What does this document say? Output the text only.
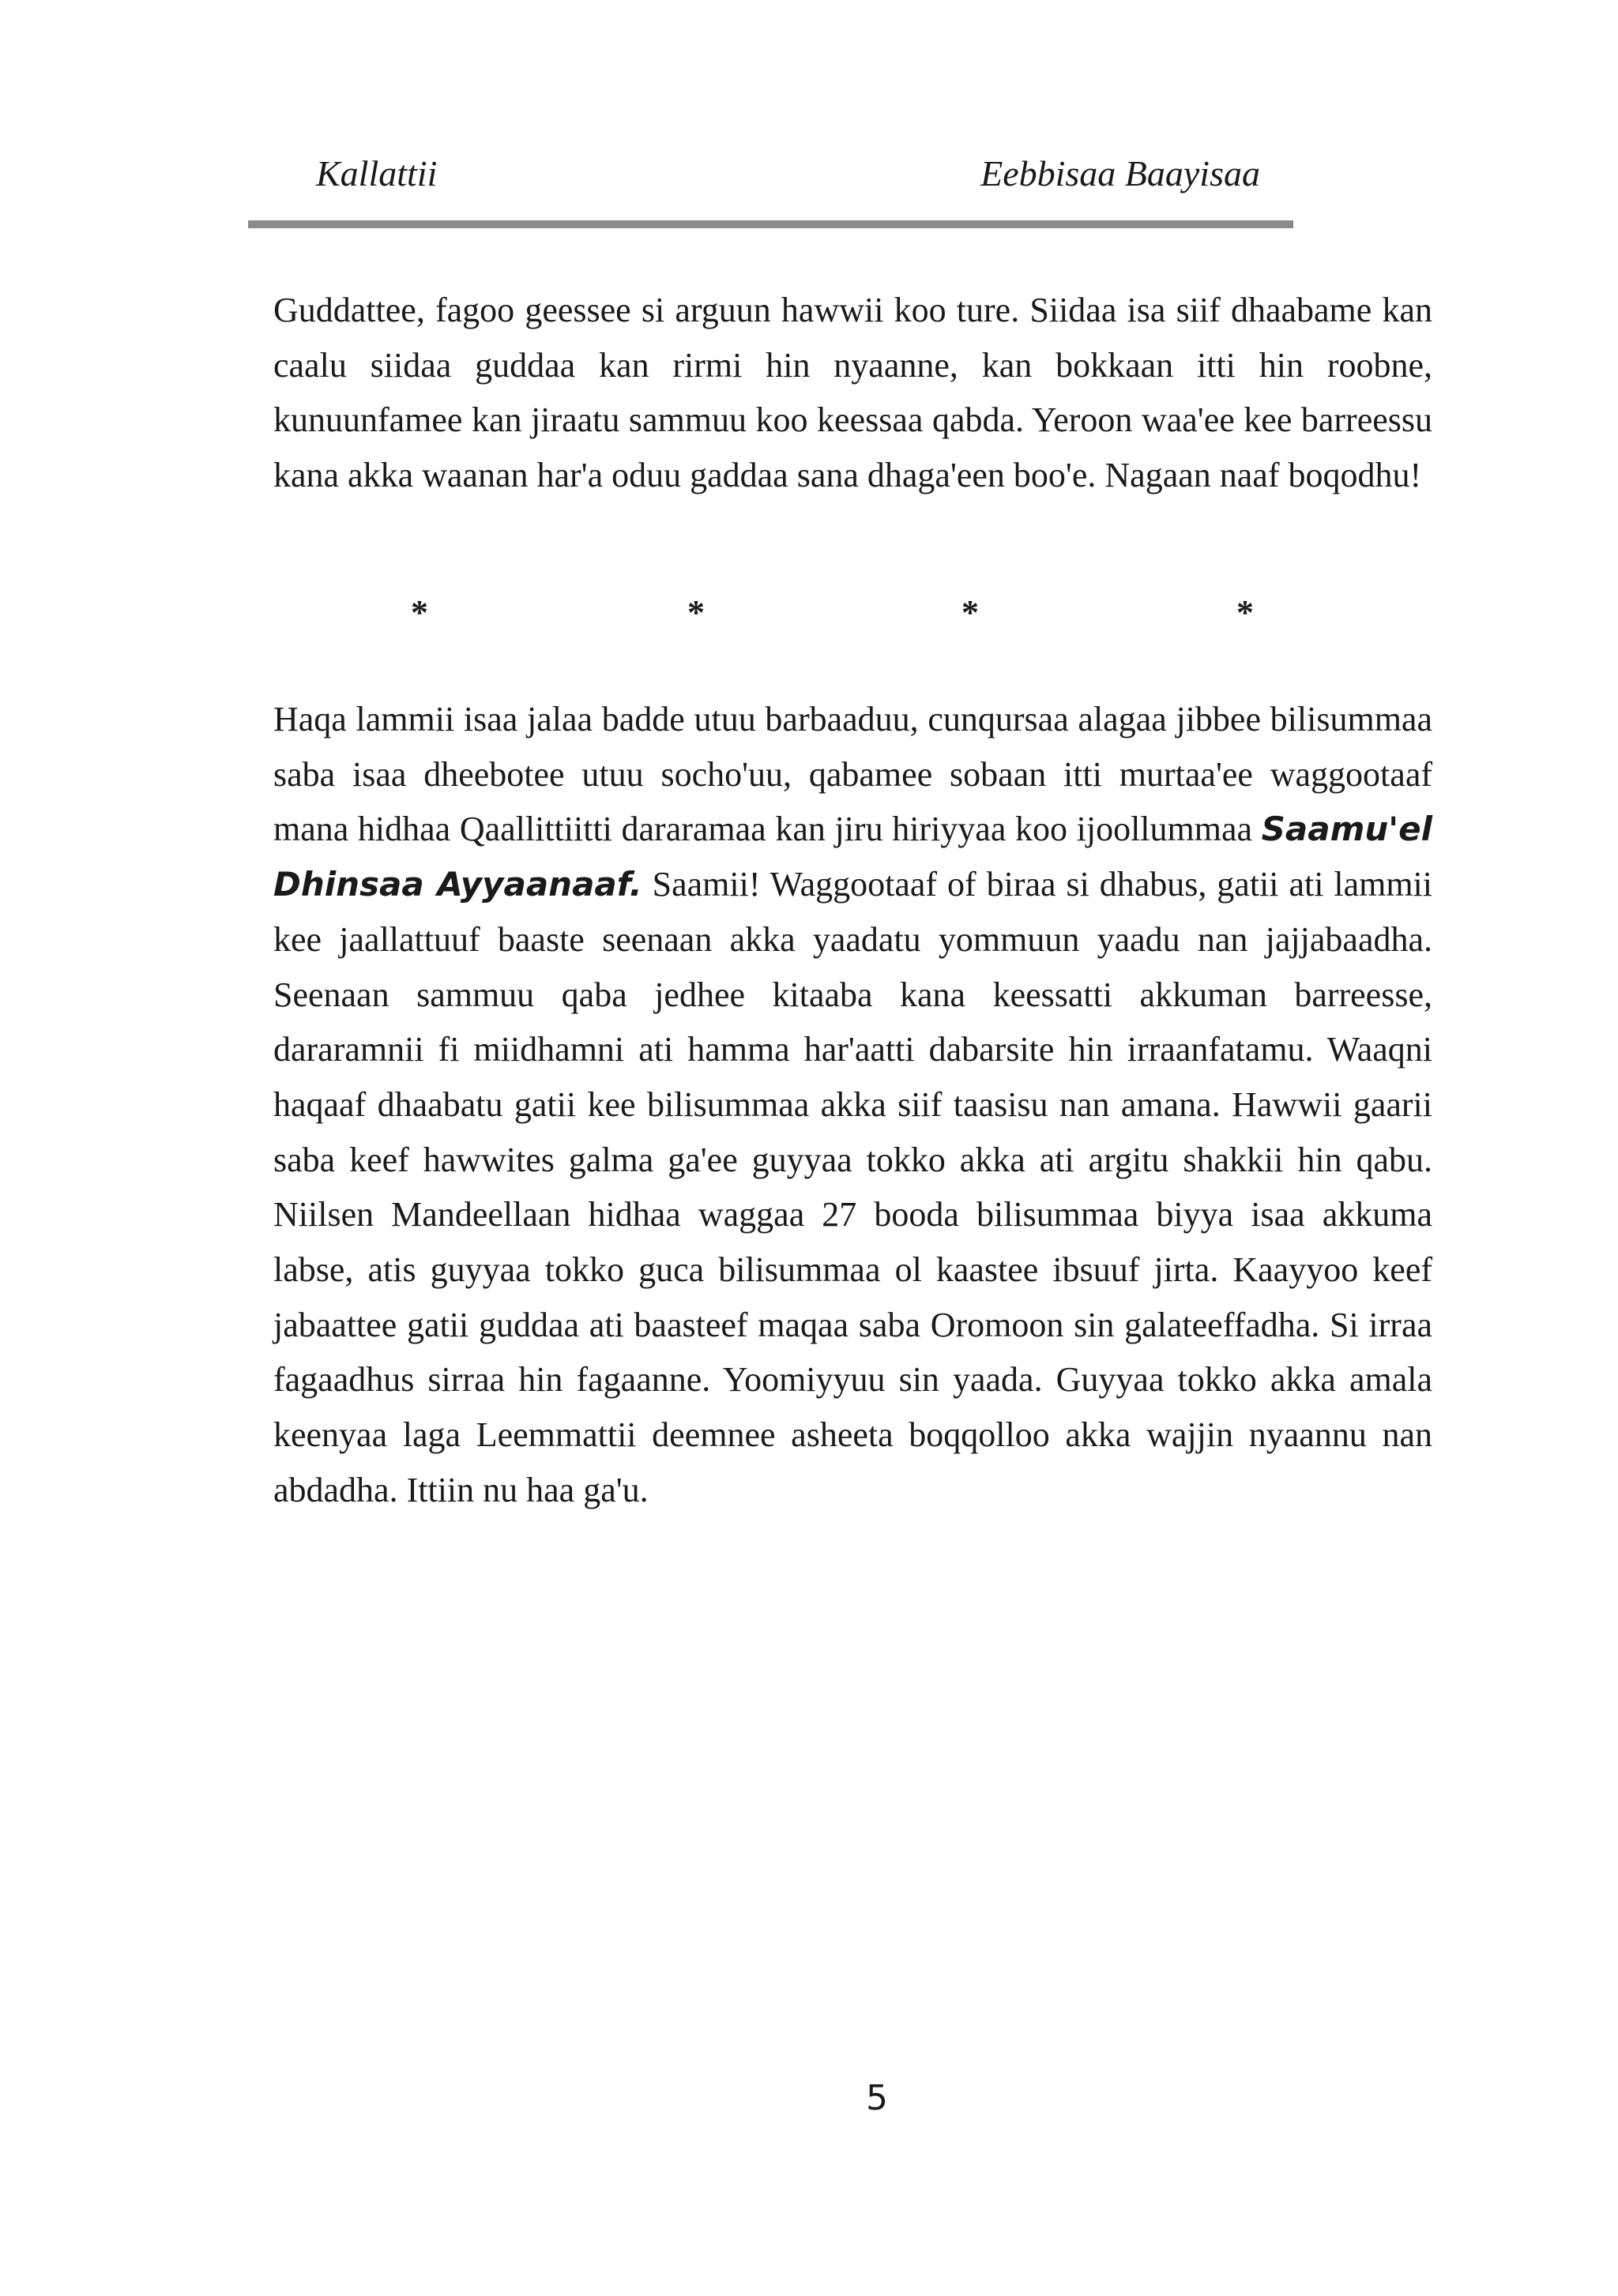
Kallattii	Eebbisaa Baayisaa

Guddattee, fagoo geessee si arguun hawwii koo ture. Siidaa isa siif dhaabame kan caalu siidaa guddaa kan rirmi hin nyaanne, kan bokkaan itti hin roobne, kunuunfamee kan jiraatu sammuu koo keessaa qabda. Yeroon waa'ee kee barreessu kana akka waanan har'a oduu gaddaa sana dhaga'een boo'e. Nagaan naaf boqodhu!

*	*	*	*

Haqa lammii isaa jalaa badde utuu barbaaduu, cunqursaa alagaa jibbee bilisummaa saba isaa dheebotee utuu socho'uu, qabamee sobaan itti murtaa'ee waggootaaf mana hidhaa Qaallittiitti dararamaa kan jiru hiriyyaa koo ijoollummaa Saamu'el Dhinsaa Ayyaanaaf. Saamii! Waggootaaf of biraa si dhabus, gatii ati lammii kee jaallattuuf baaste seenaan akka yaadatu yommuun yaadu nan jajjabaadha. Seenaan sammuu qaba jedhee kitaaba kana keessatti akkuman barreesse, dararamnii fi miidhamni ati hamma har'aatti dabarsite hin irraanfatamu. Waaqni haqaaf dhaabatu gatii kee bilisummaa akka siif taasisu nan amana. Hawwii gaarii saba keef hawwites galma ga'ee guyyaa tokko akka ati argitu shakkii hin qabu. Niilsen Mandeellaan hidhaa waggaa 27 booda bilisummaa biyya isaa akkuma labse, atis guyyaa tokko guca bilisummaa ol kaastee ibsuuf jirta. Kaayyoo keef jabaattee gatii guddaa ati baasteef maqaa saba Oromoon sin galateeffadha. Si irraa fagaadhus sirraa hin fagaanne. Yoomiyyuu sin yaada. Guyyaa tokko akka amala keenyaa laga Leemmattii deemnee asheeta boqqolloo akka wajjin nyaannu nan abdadha. Ittiin nu haa ga'u.

5
